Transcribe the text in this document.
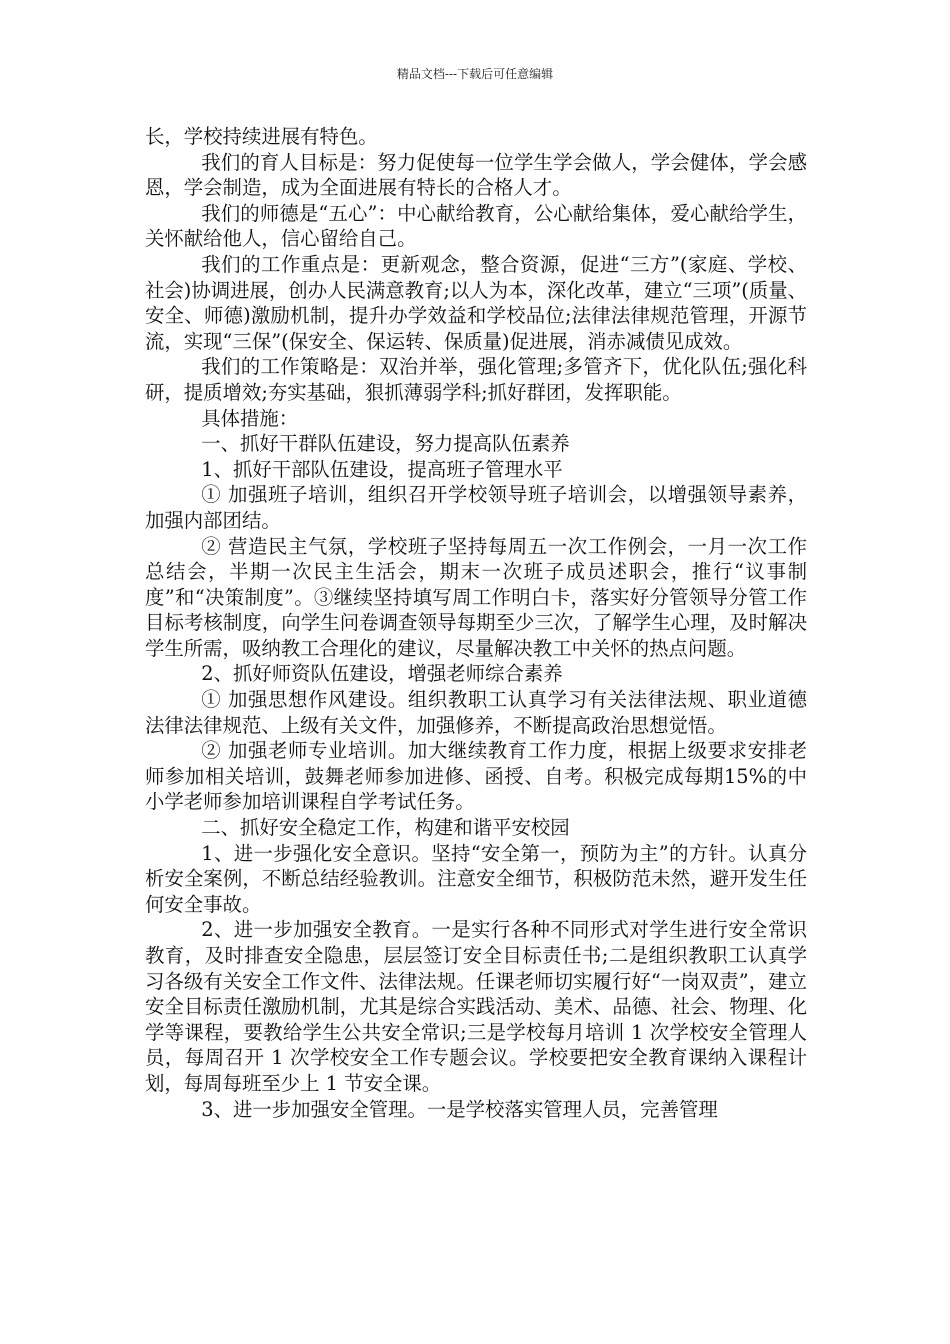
精品文档---下载后可任意编辑

长，学校持续进展有特色。

我们的育人目标是：努力促使每一位学生学会做人，学会健体，学会感恩，学会制造，成为全面进展有特长的合格人才。

我们的师德是“五心”：中心献给教育，公心献给集体，爱心献给学生，关怀献给他人，信心留给自己。

我们的工作重点是：更新观念，整合资源，促进“三方”(家庭、学校、社会)协调进展，创办人民满意教育;以人为本，深化改革，建立“三项”(质量、安全、师德)激励机制，提升办学效益和学校品位;法律法律规范管理，开源节流，实现“三保”(保安全、保运转、保质量)促进展，消赤减债见成效。

我们的工作策略是：双治并举，强化管理;多管齐下，优化队伍;强化科研，提质增效;夯实基础，狠抓薄弱学科;抓好群团，发挥职能。

具体措施：

一、抓好干群队伍建设，努力提高队伍素养

1、抓好干部队伍建设，提高班子管理水平

① 加强班子培训，组织召开学校领导班子培训会，以增强领导素养，加强内部团结。

② 营造民主气氛，学校班子坚持每周五一次工作例会，一月一次工作总结会，半期一次民主生活会，期末一次班子成员述职会，推行“议事制度”和“决策制度”。③继续坚持填写周工作明白卡，落实好分管领导分管工作目标考核制度，向学生问卷调查领导每期至少三次，了解学生心理，及时解决学生所需，吸纳教工合理化的建议，尽量解决教工中关怀的热点问题。

2、抓好师资队伍建设，增强老师综合素养

① 加强思想作风建设。组织教职工认真学习有关法律法规、职业道德法律法律规范、上级有关文件，加强修养，不断提高政治思想觉悟。

② 加强老师专业培训。加大继续教育工作力度，根据上级要求安排老师参加相关培训，鼓舞老师参加进修、函授、自考。积极完成每期15%的中小学老师参加培训课程自学考试任务。

二、抓好安全稳定工作，构建和谐平安校园

1、进一步强化安全意识。坚持“安全第一，预防为主”的方针。认真分析安全案例，不断总结经验教训。注意安全细节，积极防范未然，避开发生任何安全事故。

2、进一步加强安全教育。一是实行各种不同形式对学生进行安全常识教育，及时排查安全隐患，层层签订安全目标责任书;二是组织教职工认真学习各级有关安全工作文件、法律法规。任课老师切实履行好“一岗双责”，建立安全目标责任激励机制，尤其是综合实践活动、美术、品德、社会、物理、化学等课程，要教给学生公共安全常识;三是学校每月培训 1 次学校安全管理人员，每周召开 1 次学校安全工作专题会议。学校要把安全教育课纳入课程计划，每周每班至少上 1 节安全课。

3、进一步加强安全管理。一是学校落实管理人员，完善管理
